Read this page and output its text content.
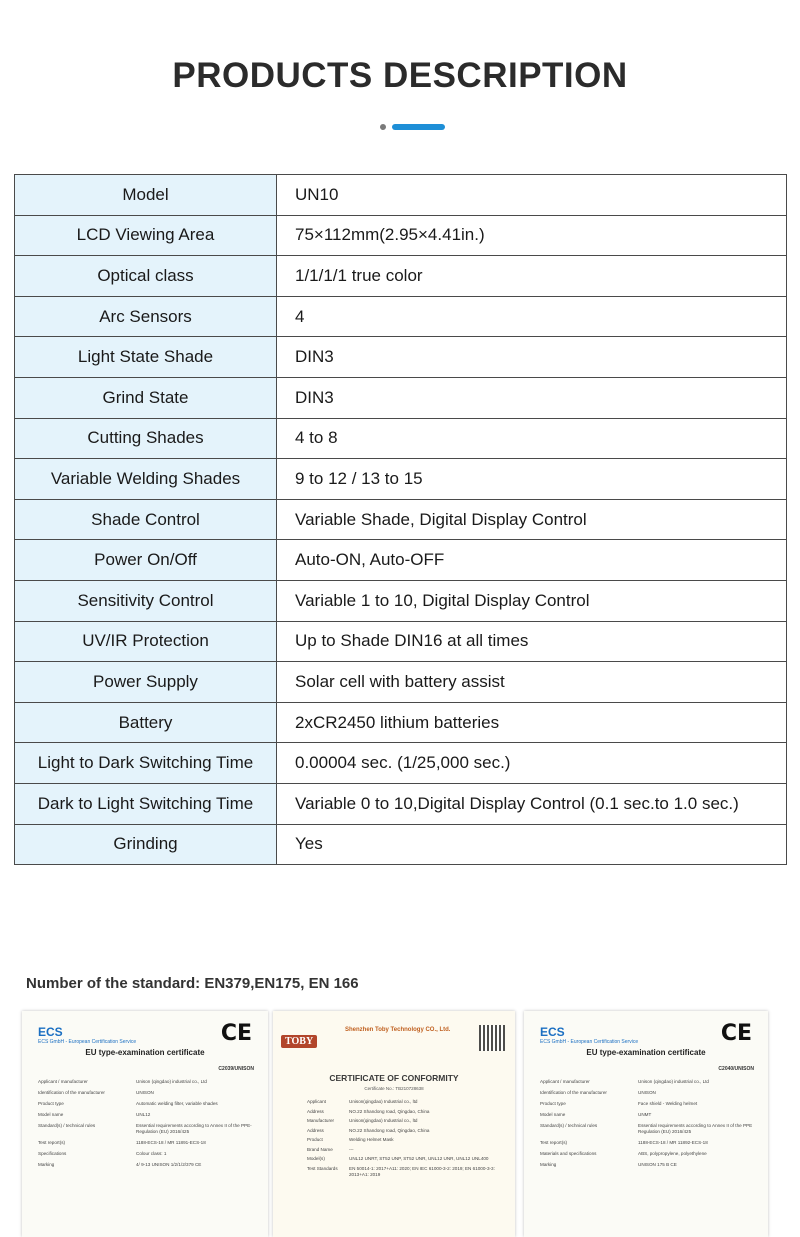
PRODUCTS DESCRIPTION
Model	UN10
LCD Viewing Area	75×112mm(2.95×4.41in.)
Optical class	1/1/1/1 true color
Arc Sensors	4
Light State Shade	DIN3
Grind State	DIN3
Cutting Shades	4 to 8
Variable Welding Shades	9 to 12 / 13 to 15
Shade Control	Variable Shade, Digital Display Control
Power On/Off	Auto-ON, Auto-OFF
Sensitivity Control	Variable 1 to 10, Digital Display Control
UV/IR Protection	Up to Shade DIN16 at all times
Power Supply	Solar cell with battery assist
Battery	2xCR2450 lithium batteries
Light to Dark Switching Time	0.00004 sec. (1/25,000 sec.)
Dark to Light Switching Time	Variable 0 to 10,Digital Display Control (0.1 sec.to 1.0 sec.)
Grinding	Yes
Number of the standard: EN379,EN175, EN 166
ECS
ECS GmbH - European Certification Service	CE
EU type-examination certificate
C2039/UNISON
Applicant / manufacturer	Unison (qingdao) industrial co., Ltd
Identification of the manufacturer	UNISON
Product type	Automatic welding filter, variable shades
Model name	UNL12
Standard(s) / technical rules	Essential requirements according to Annex II of the PPE-Regulation (EU) 2016/425
Test report(s)	1188-ECS-18 / MR 11891-ECS-18
Specifications	Colour class: 1
Marking	4/ 9-13 UNISON 1/2/1/2/379 CE
TOBY
Shenzhen Toby Technology CO., Ltd.
CERTIFICATE OF CONFORMITY
Certificate No.: TB210728638
Applicant	Unison(qingdao) Industrial co., ltd
Address	NO.22 Shandong road, Qingdao, China
Manufacturer	Unison(qingdao) Industrial co., ltd
Address	NO.22 Shandong road, Qingdao, China
Product	Welding Helmet Mask
Brand Name	---
Model(s)	UNL12 UNRT, ST52 UNP, ST52 UNR, UNL12 UNR, UNL12 UNL400
Test Standards	EN 50014-1: 2017+A11: 2020; EN IEC 61000-3-2: 2019; EN 61000-3-3: 2013+A1: 2019
ECS
ECS GmbH - European Certification Service	CE
EU type-examination certificate
C2040/UNISON
Applicant / manufacturer	Unison (qingdao) industrial co., Ltd
Identification of the manufacturer	UNISON
Product type	Face shield - Welding helmet
Model name	UNMT
Standard(s) / technical rules	Essential requirements according to Annex II of the PPE Regulation (EU) 2016/425
Test report(s)	1188-ECS-18 / MR 11892-ECS-18
Materials and specifications	ABS, polypropylene, polyethylene
Marking	UNISON 175 B CE
